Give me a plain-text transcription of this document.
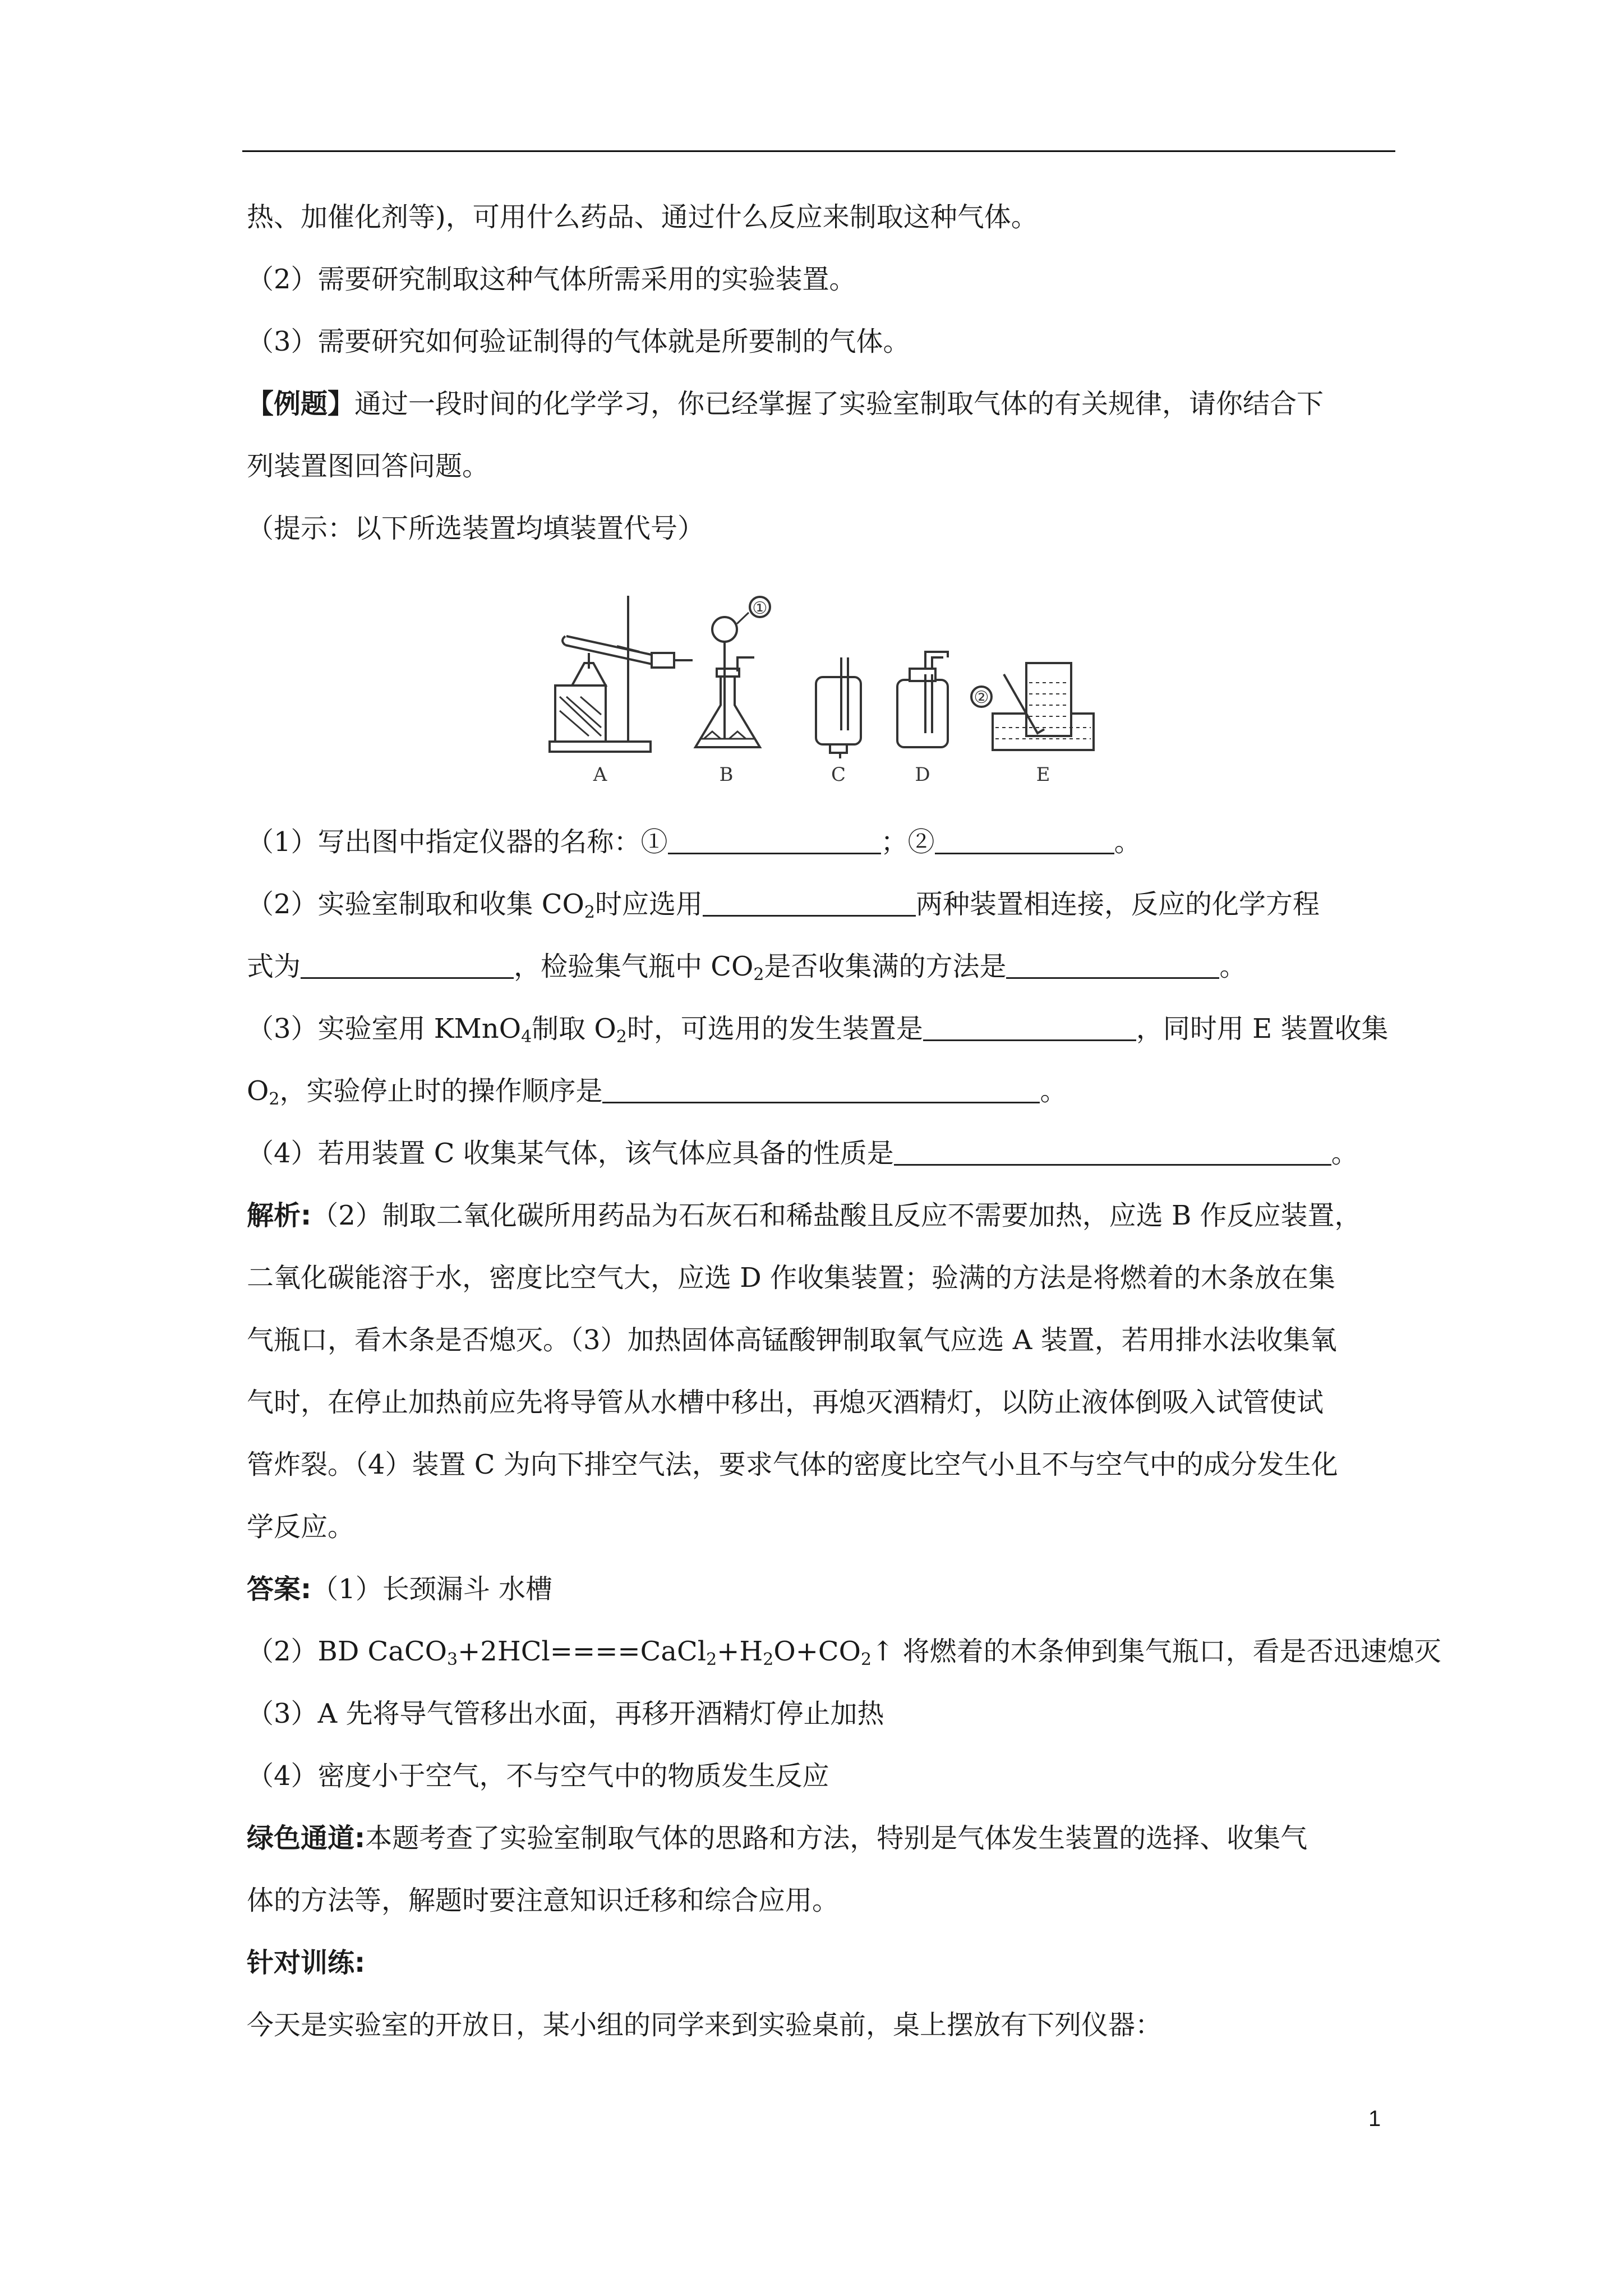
热、加催化剂等)，可用什么药品、通过什么反应来制取这种气体。

（2）需要研究制取这种气体所需采用的实验装置。

（3）需要研究如何验证制得的气体就是所要制的气体。

【例题】通过一段时间的化学学习，你已经掌握了实验室制取气体的有关规律，请你结合下

列装置图回答问题。

（提示：以下所选装置均填装置代号）

（1）写出图中指定仪器的名称：①	；②	。

（2）实验室制取和收集 $CO_2$时应选用	两种装置相连接，反应的化学方程

式为	，检验集气瓶中 $CO_2$是否收集满的方法是	。

（3）实验室用 KMnO$_4$制取 $O_2$时，可选用的发生装置是	，同时用 E 装置收集

$O_2$，实验停止时的操作顺序是	。

（4）若用装置 C 收集某气体，该气体应具备的性质是	。

解析:（2）制取二氧化碳所用药品为石灰石和稀盐酸且反应不需要加热，应选 B 作反应装置，

二氧化碳能溶于水，密度比空气大，应选 D 作收集装置；验满的方法是将燃着的木条放在集

气瓶口，看木条是否熄灭。（3）加热固体高锰酸钾制取氧气应选 A 装置，若用排水法收集氧

气时，在停止加热前应先将导管从水槽中移出，再熄灭酒精灯，以防止液体倒吸入试管使试

管炸裂。（4）装置 C 为向下排空气法，要求气体的密度比空气小且不与空气中的成分发生化

学反应。

答案:（1）长颈漏斗 水槽

（2）BD $CaCO_3+2HCl====CaCl_2+H_2O+CO_2↑$ 将燃着的木条伸到集气瓶口，看是否迅速熄灭

（3）A 先将导气管移出水面，再移开酒精灯停止加热

（4）密度小于空气，不与空气中的物质发生反应

绿色通道:本题考查了实验室制取气体的思路和方法，特别是气体发生装置的选择、收集气

体的方法等，解题时要注意知识迁移和综合应用。

针对训练:

今天是实验室的开放日，某小组的同学来到实验桌前，桌上摆放有下列仪器：

A	B	C	D	E
①
②
1
